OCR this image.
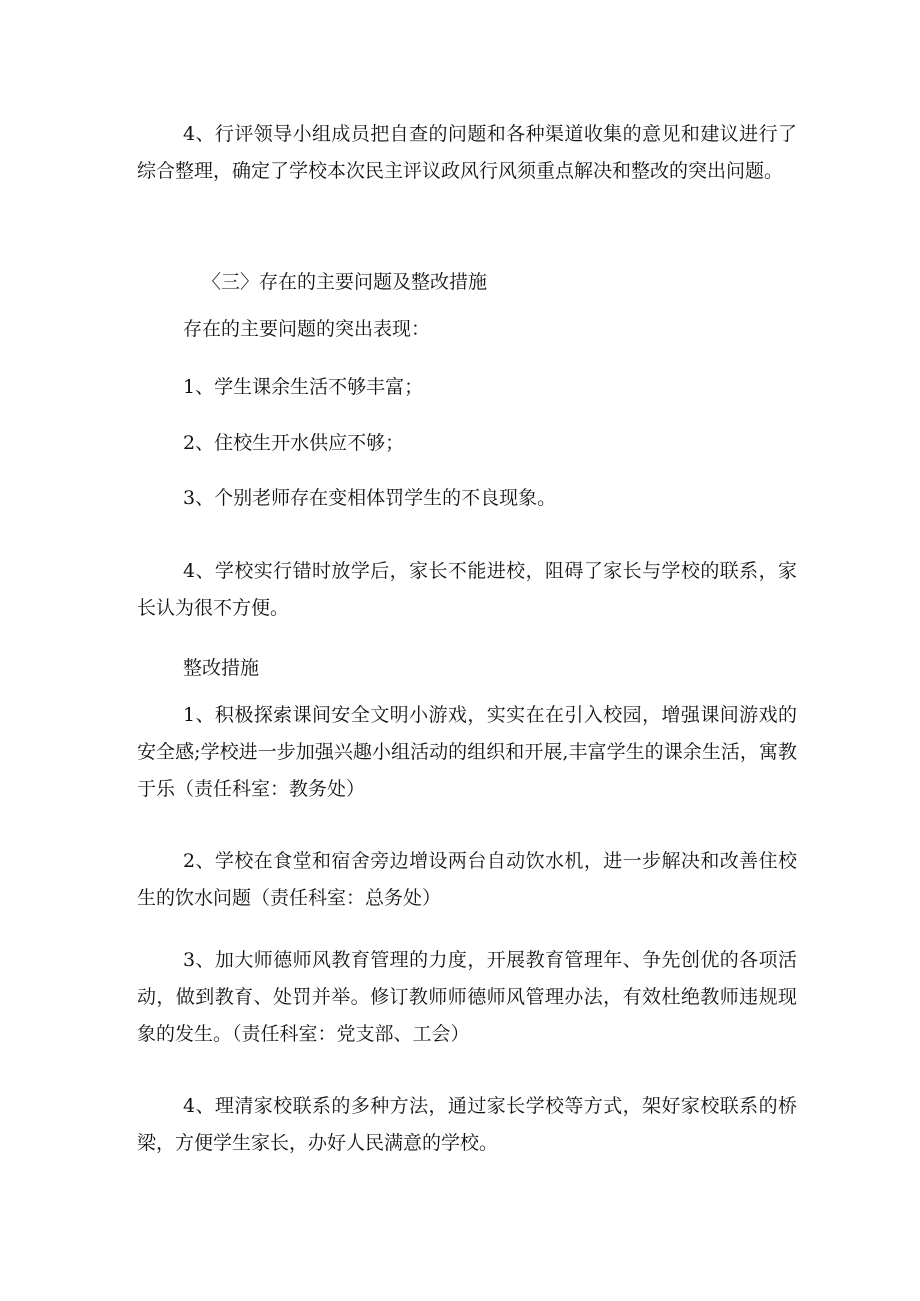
4、行评领导小组成员把自查的问题和各种渠道收集的意见和建议进行了综合整理，确定了学校本次民主评议政风行风须重点解决和整改的突出问题。

〈三〉存在的主要问题及整改措施

存在的主要问题的突出表现：

1、学生课余生活不够丰富；

2、住校生开水供应不够；

3、个别老师存在变相体罚学生的不良现象。

4、学校实行错时放学后，家长不能进校，阻碍了家长与学校的联系，家长认为很不方便。

整改措施

1、积极探索课间安全文明小游戏，实实在在引入校园，增强课间游戏的安全感;学校进一步加强兴趣小组活动的组织和开展,丰富学生的课余生活，寓教于乐（责任科室：教务处）

2、学校在食堂和宿舍旁边增设两台自动饮水机，进一步解决和改善住校生的饮水问题（责任科室：总务处）

3、加大师德师风教育管理的力度，开展教育管理年、争先创优的各项活动，做到教育、处罚并举。修订教师师德师风管理办法，有效杜绝教师违规现象的发生。（责任科室：党支部、工会）

4、理清家校联系的多种方法，通过家长学校等方式，架好家校联系的桥梁，方便学生家长，办好人民满意的学校。
